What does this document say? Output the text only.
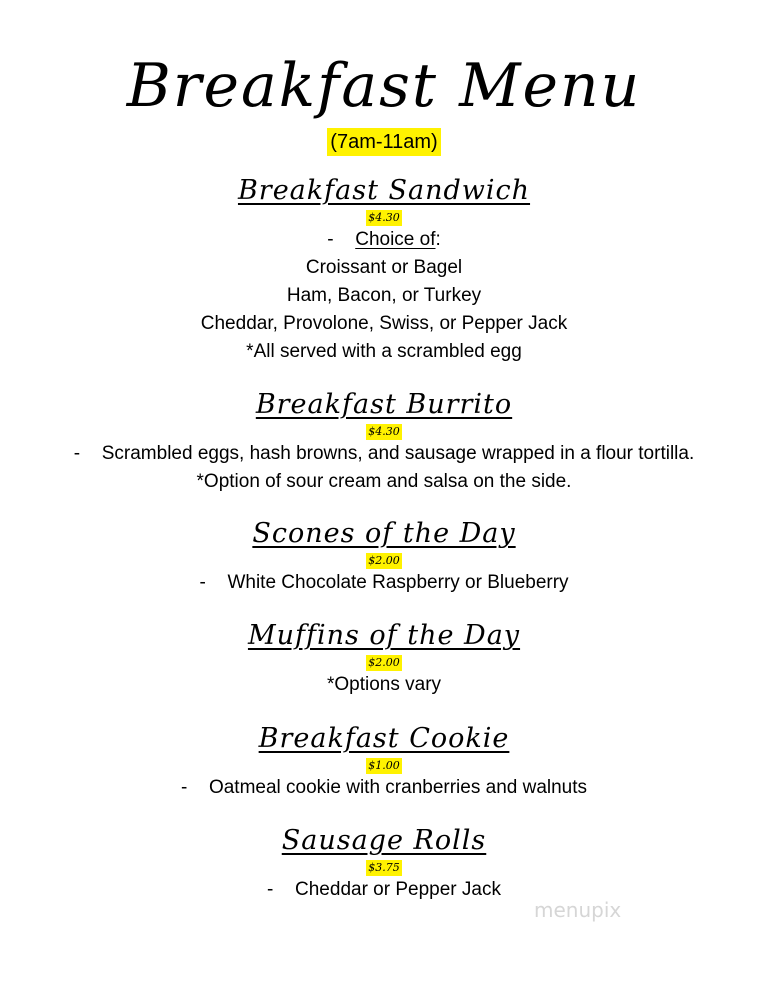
Breakfast Menu
(7am-11am)
Breakfast Sandwich
$4.30
- Choice of:
Croissant or Bagel
Ham, Bacon, or Turkey
Cheddar, Provolone, Swiss, or Pepper Jack
*All served with a scrambled egg
Breakfast Burrito
$4.30
- Scrambled eggs, hash browns, and sausage wrapped in a flour tortilla.
*Option of sour cream and salsa on the side.
Scones of the Day
$2.00
- White Chocolate Raspberry or Blueberry
Muffins of the Day
$2.00
*Options vary
Breakfast Cookie
$1.00
- Oatmeal cookie with cranberries and walnuts
Sausage Rolls
$3.75
- Cheddar or Pepper Jack
menupix
